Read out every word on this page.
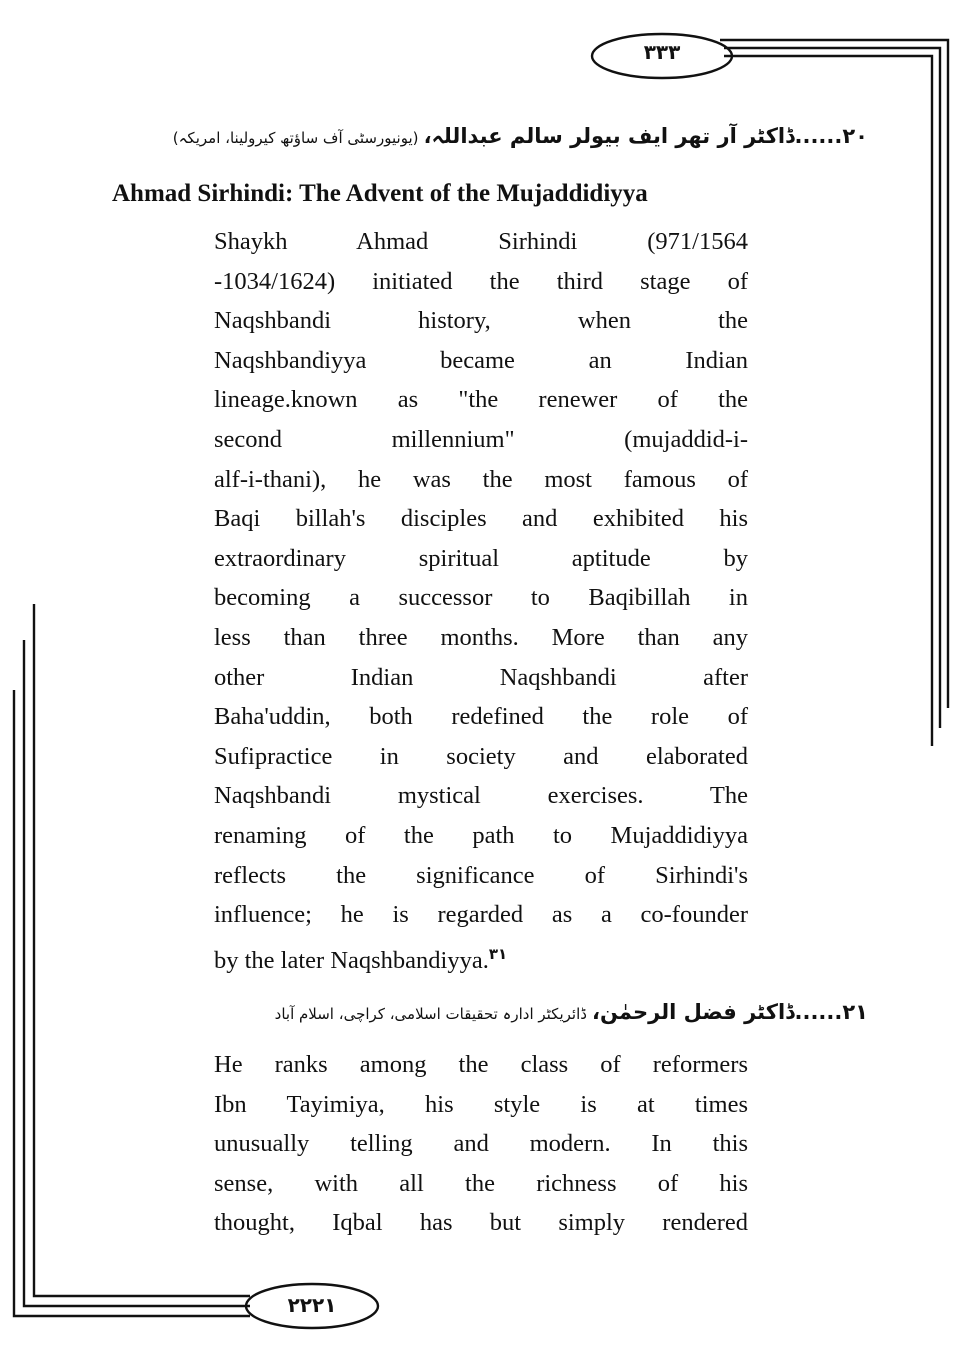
۳۳۳
۲۲۲۱
۲۰......ڈاکٹر آر تھر ایف بیولر سالم عبداللہ، (یونیورسٹی آف ساؤتھ کیرولینا، امریکہ)
Ahmad Sirhindi: The Advent of the Mujaddidiyya
Shaykh Ahmad Sirhindi (971/1564
-1034/1624) initiated the third stage of
Naqshbandi history, when the
Naqshbandiyya became an Indian
lineage.known as "the renewer of the
second millennium" (mujaddid-i-
alf-i-thani), he was the most famous of
Baqi billah's disciples and exhibited his
extraordinary spiritual aptitude by
becoming a successor to Baqibillah in
less than three months. More than any
other Indian Naqshbandi after
Baha'uddin, both redefined the role of
Sufipractice in society and elaborated
Naqshbandi mystical exercises. The
renaming of the path to Mujaddidiyya
reflects the significance of Sirhindi's
influence; he is regarded as a co-founder
by the later Naqshbandiyya.$^{۳۱}$
۲۱......ڈاکٹر فضل الرحمٰن، ڈائریکٹر ادارہ تحقیقات اسلامی، کراچی، اسلام آباد
He ranks among the class of reformers
Ibn Tayimiya, his style is at times
unusually telling and modern. In this
sense, with all the richness of his
thought, Iqbal has but simply rendered
